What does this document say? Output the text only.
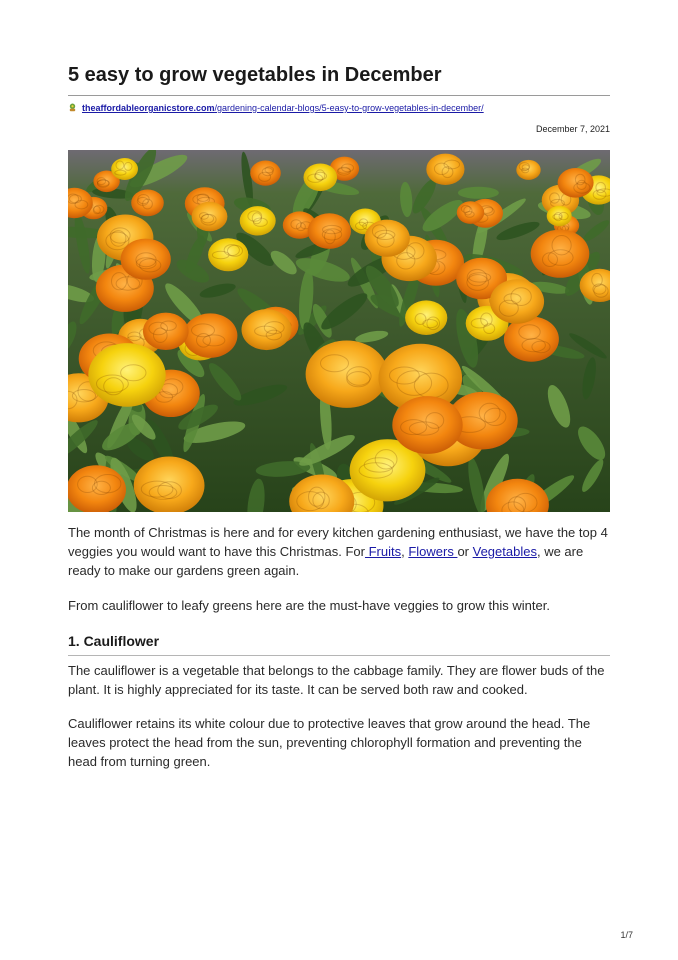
5 easy to grow vegetables in December
theaffordableorganicstore.com/gardening-calendar-blogs/5-easy-to-grow-vegetables-in-december/
December 7, 2021

The month of Christmas is here and for every kitchen gardening enthusiast, we have the top 4 veggies you would want to have this Christmas. For Fruits, Flowers or Vegetables, we are ready to make our gardens green again.

From cauliflower to leafy greens here are the must-have veggies to grow this winter.

1. Cauliflower

The cauliflower is a vegetable that belongs to the cabbage family. They are flower buds of the plant. It is highly appreciated for its taste. It can be served both raw and cooked.

Cauliflower retains its white colour due to protective leaves that grow around the head. The leaves protect the head from the sun, preventing chlorophyll formation and preventing the head from turning green.

1/7
